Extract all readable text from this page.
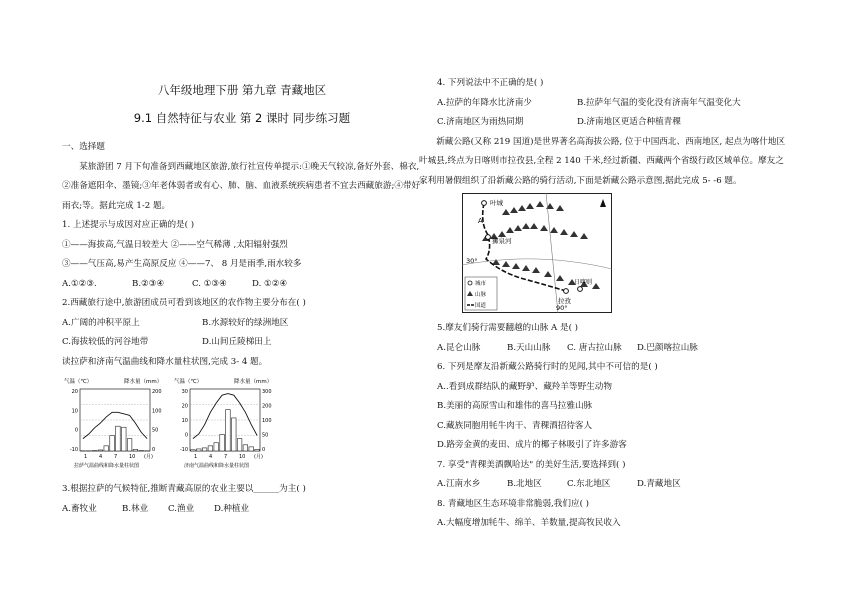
八年级地理下册 第九章 青藏地区
9.1 自然特征与农业 第 2 课时 同步练习题
一、选择题
某旅游团 7 月下旬准备到西藏地区旅游,旅行社宣传单提示:①晚天气较凉,备好外套、棉衣,
②准备遮阳伞、墨镜;③年老体弱者或有心、肺、脑、血液系统疾病患者不宜去西藏旅游;④带好
雨衣;等。据此完成 1-2 题。
1. 上述提示与成因对应正确的是( )
①——海拔高,气温日较差大 ②——空气稀薄 ,太阳辐射强烈
③——气压高,易产生高原反应 ④——7、 8 月是雨季,雨水较多
A.①②③.	B.②③④	C. ①③④	D. ①②④
2.西藏旅行途中,旅游团成员可看到该地区的农作物主要分布在( )
A.广阔的冲积平原上	B.水源较好的绿洲地区
C.海拔较低的河谷地带	D.山间丘陵梯田上
读拉萨和济南气温曲线和降水量柱状图,完成 3- 4 题。
气温（℃）	降水量（mm）
20
10
0
-10
200
100
50
0
1 4 7 10 (月)
拉萨气温曲线和降水量柱状图
气温（℃）	降水量（mm）
30
20
10
0
-10
300
200
100
50
0
1 4 7 10 (月)
济南气温曲线和降水量柱状图
3.根据拉萨的气候特征,推断青藏高原的农业主要以______为主( )
A.畜牧业	B.林业 C.渔业 D.种植业
4. 下列说法中不正确的是( )
A.拉萨的年降水比济南少	B.拉萨年气温的变化没有济南年气温变化大
C.济南地区为雨热同期	D.济南地区更适合种植青稞
新藏公路(又称 219 国道)是世界著名高海拔公路, 位于中国西北、西南地区, 起点为喀什地区
叶城县,终点为日喀则市拉孜县,全程 2 140 千米,经过新疆、西藏两个省级行政区域单位。摩友之
家利用暑假组织了沿新藏公路的骑行活动,下面是新藏公路示意图,据此完成 5- -6 题。
叶城
A
狮泉河
拉孜
日喀则
30°
90°
城市
山脉
国道
5.摩友们骑行需要翻越的山脉 A 是( )
A.昆仑山脉	B.天山山脉 C. 唐古拉山脉 D.巴颜喀拉山脉
6. 下列是摩友沿新藏公路骑行时的见闻,其中不可信的是( )
A..看到成群结队的藏野驴、藏羚羊等野生动物
B.美丽的高原雪山和雄伟的喜马拉雅山脉
C.藏族同胞用牦牛肉干、青稞酒招待客人
D.路旁金黄的麦田、成片的椰子林吸引了许多游客
7. 享受"青稞美酒飘哈达" 的美好生活,要选择到( )
A.江南水乡	B.北地区	C.东北地区	D.青藏地区
8. 青藏地区生态环境非常脆弱,我们应( )
A.大幅度增加牦牛、绵羊、羊数量,提高牧民收入
